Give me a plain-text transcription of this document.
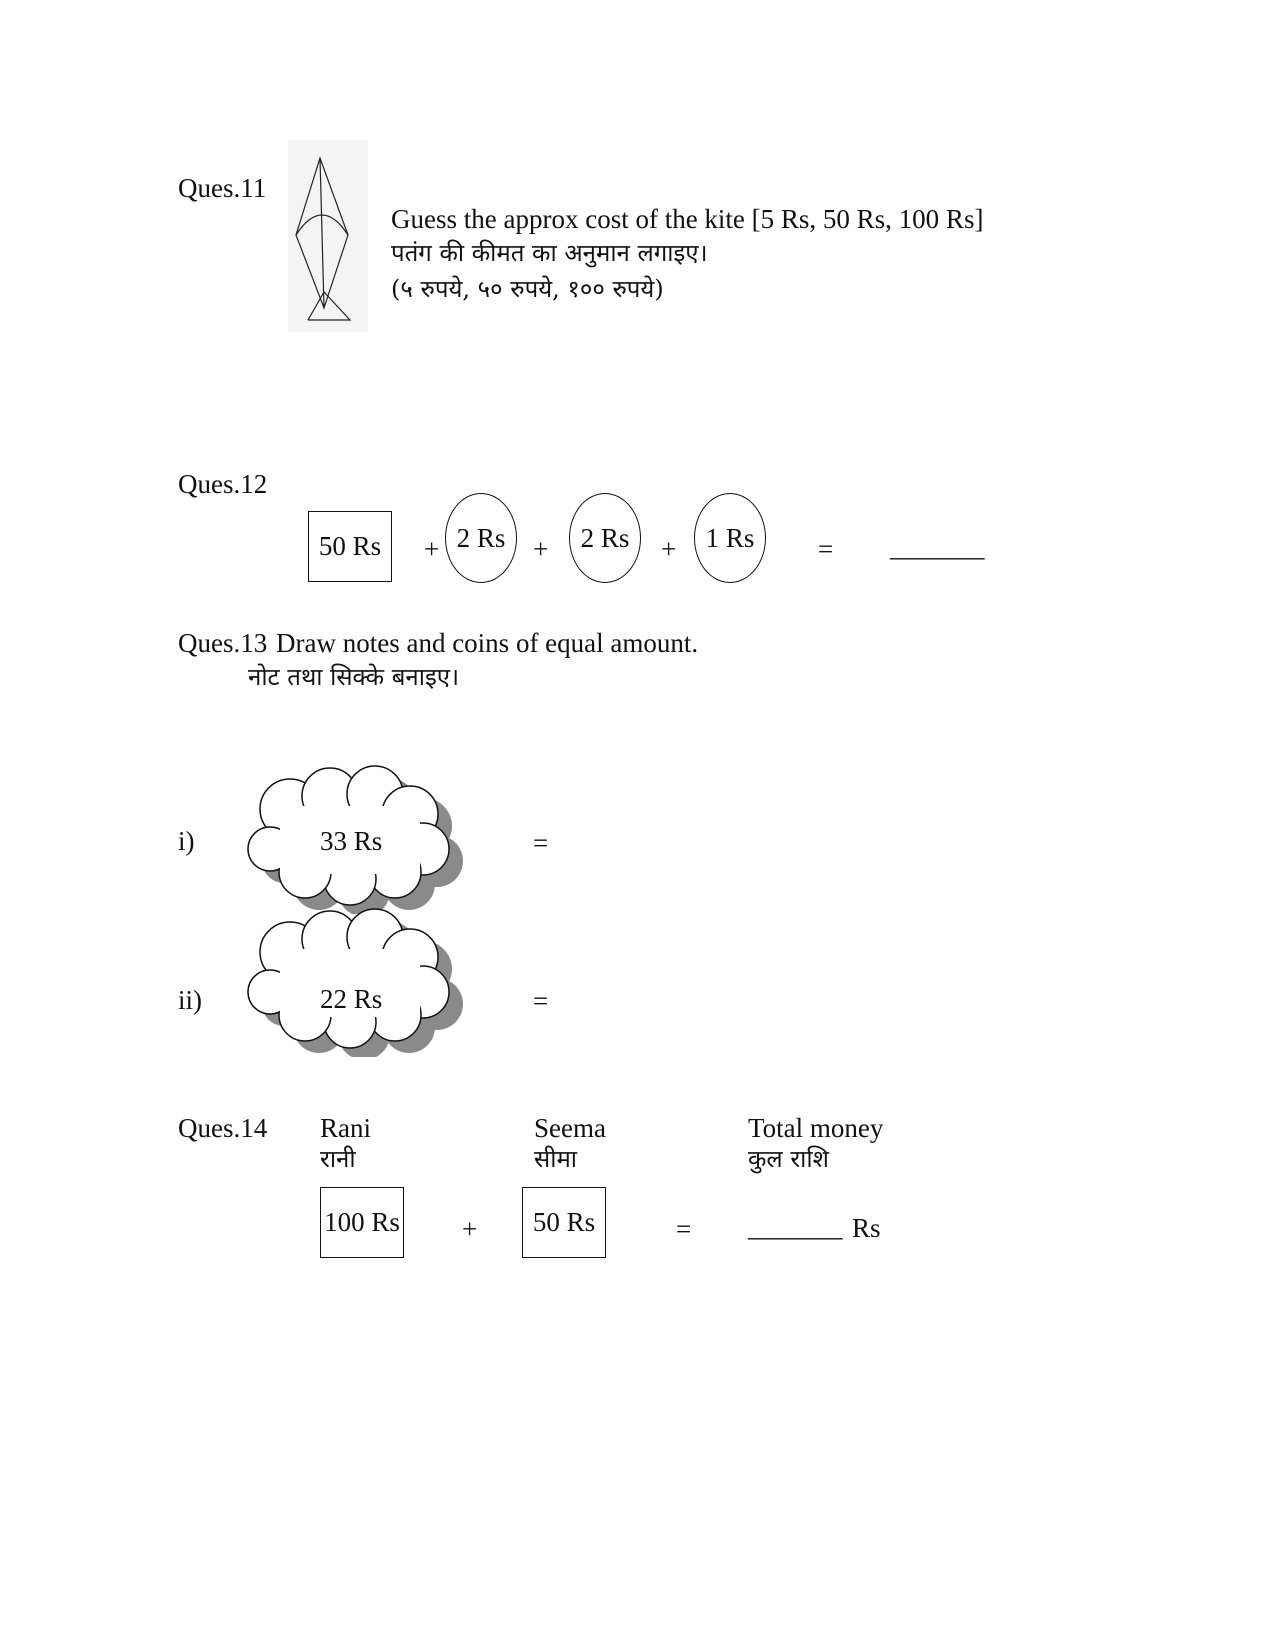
Ques.11
Guess the approx cost of the kite [5 Rs, 50 Rs, 100 Rs]
पतंग की कीमत का अनुमान लगाइए।
(५ रुपये, ५० रुपये, १०० रुपये)
Ques.12
50 Rs	+ 2 Rs	+	2 Rs	+	1 Rs	= _______
Ques.13 Draw notes and coins of equal amount.
नोट तथा सिक्के बनाइए।
i)	33 Rs	=
ii)	22 Rs	=
Ques.14 Rani
रानी
Seema
सीमा
Total money
कुल राशि
100 Rs +	50 Rs	= _______ Rs
